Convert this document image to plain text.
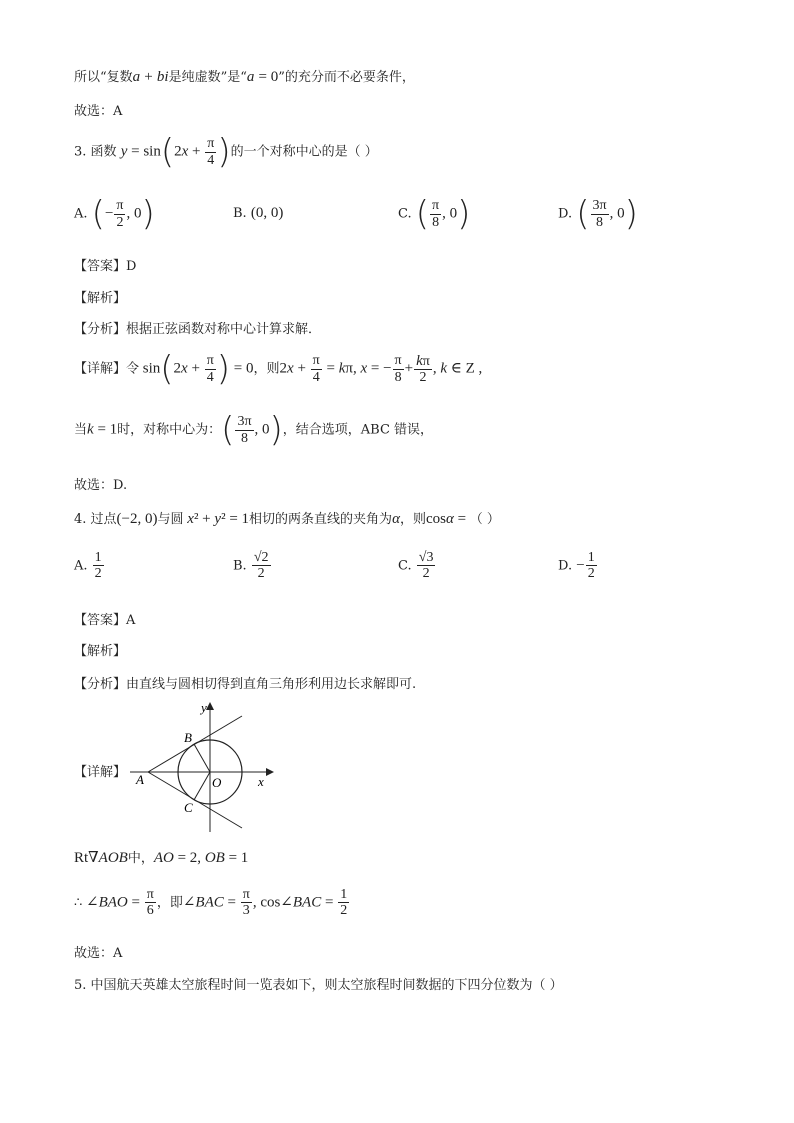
所以“复数a + bi是纯虚数”是“a = 0”的充分而不必要条件，
故选：A
3. 函数 $y = \sin(2x + \frac{\pi}{4}$ )的一个对称中心的是（ ）
A. (− $\frac{\pi}{2}$ , 0)	B. (0, 0)	C. ( $\frac{\pi}{8}$ , 0)	D. ( $\frac{3\pi}{8}$ , 0)
【答案】D
【解析】
【分析】根据正弦函数对称中心计算求解．
【详解】令 $\sin(2x + \frac{\pi}{4}$ ) = 0，则$2x + \frac{\pi}{4} = k\pi$, x = − $\frac{\pi}{8} + \frac{k\pi}{2}$ , k ∈ Z ,
当k = 1时，对称中心为：( $\frac{3\pi}{8}$ , 0)，结合选项，ABC 错误，
故选：D.
4. 过点(−2, 0)与圆 x² + y² = 1相切的两条直线的夹角为α，则cosα = （ ）
A. $\frac{1}{2}$	B. $\frac{√2}{2}$	C. $\frac{√3}{2}$	D. − $\frac{1}{2}$
【答案】A
【解析】
【分析】由直线与圆相切得到直角三角形利用边长求解即可.
【详解】
y
x
A
B
C
O
Rt∇AOB中，AO = 2, OB = 1
∴ ∠BAO = $\frac{\pi}{6}$ ，即∠BAC = $\frac{\pi}{3}$ , cos∠BAC = $\frac{1}{2}$
故选：A
5. 中国航天英雄太空旅程时间一览表如下，则太空旅程时间数据的下四分位数为（ ）
